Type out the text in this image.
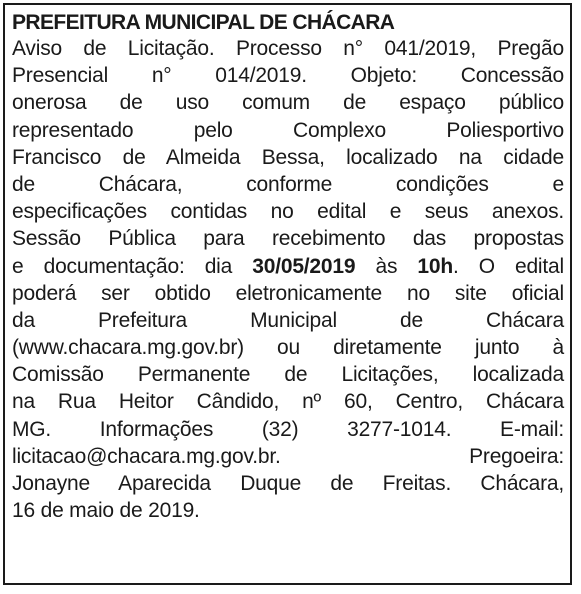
PREFEITURA MUNICIPAL DE CHÁCARA
Aviso de Licitação. Processo n° 041/2019, Pregão
Presencial n° 014/2019. Objeto: Concessão
onerosa de uso comum de espaço público
representado pelo Complexo Poliesportivo
Francisco de Almeida Bessa, localizado na cidade
de Chácara, conforme condições e
especificações contidas no edital e seus anexos.
Sessão Pública para recebimento das propostas
e documentação: dia 30/05/2019 às 10h. O edital
poderá ser obtido eletronicamente no site oficial
da Prefeitura Municipal de Chácara
(www.chacara.mg.gov.br) ou diretamente junto à
Comissão Permanente de Licitações, localizada
na Rua Heitor Cândido, nº 60, Centro, Chácara
MG. Informações (32) 3277-1014. E-mail:
licitacao@chacara.mg.gov.br. Pregoeira:
Jonayne Aparecida Duque de Freitas. Chácara,
16 de maio de 2019.
